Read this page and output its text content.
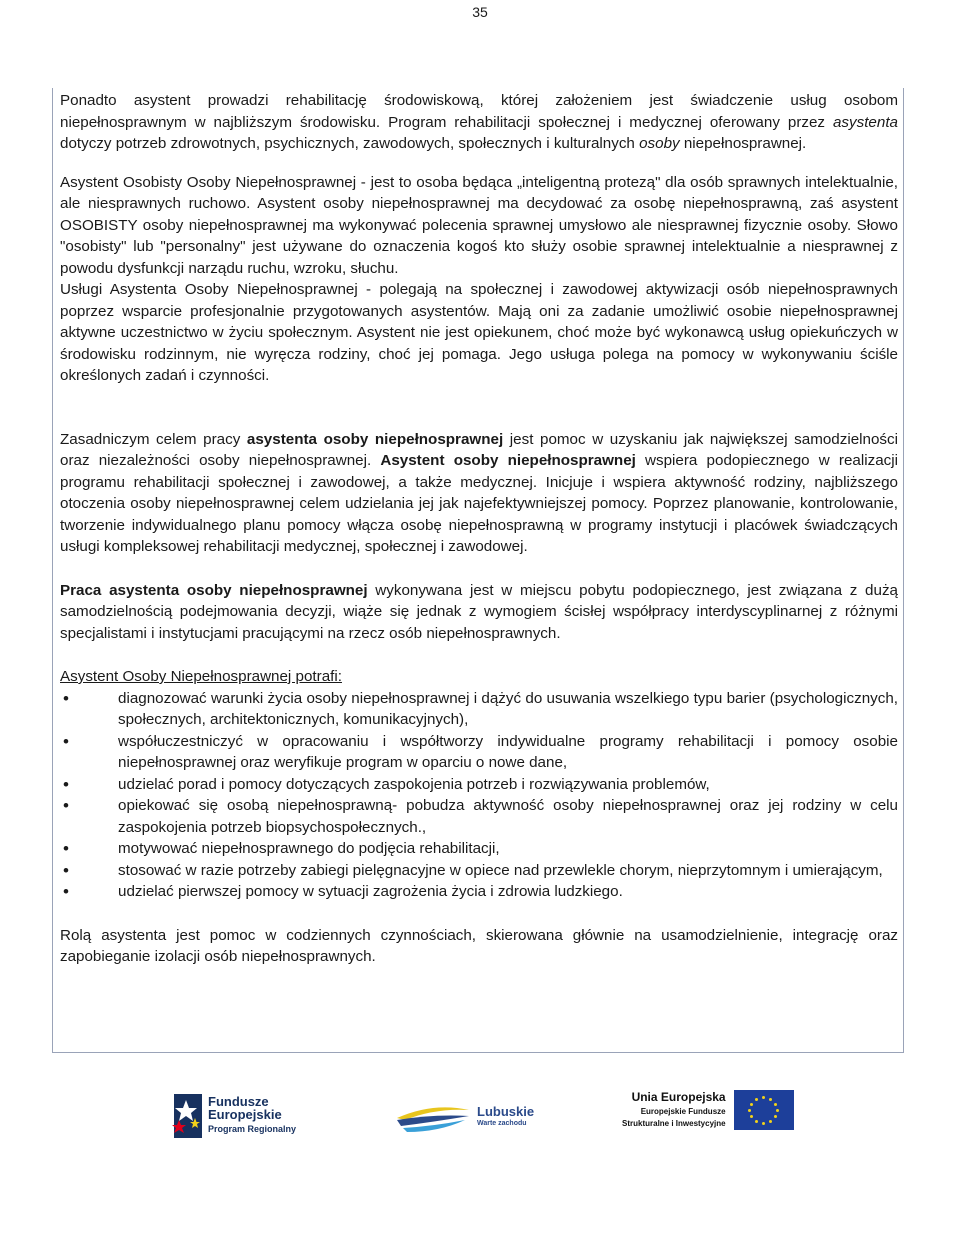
35

Ponadto asystent prowadzi rehabilitację środowiskową, której założeniem jest świadczenie usług osobom niepełnosprawnym w najbliższym środowisku. Program rehabilitacji społecznej i medycznej oferowany przez asystenta dotyczy potrzeb zdrowotnych, psychicznych, zawodowych, społecznych i kulturalnych osoby niepełnosprawnej.

Asystent Osobisty Osoby Niepełnosprawnej - jest to osoba będąca „inteligentną protezą" dla osób sprawnych intelektualnie, ale niesprawnych ruchowo. Asystent osoby niepełnosprawnej ma decydować za osobę niepełnosprawną, zaś asystent OSOBISTY osoby niepełnosprawnej ma wykonywać polecenia sprawnej umysłowo ale niesprawnej fizycznie osoby. Słowo "osobisty" lub "personalny" jest używane do oznaczenia kogoś kto służy osobie sprawnej intelektualnie a niesprawnej z powodu dysfunkcji narządu ruchu, wzroku, słuchu.

Usługi Asystenta Osoby Niepełnosprawnej - polegają na społecznej i zawodowej aktywizacji osób niepełnosprawnych poprzez wsparcie profesjonalnie przygotowanych asystentów. Mają oni za zadanie umożliwić osobie niepełnosprawnej aktywne uczestnictwo w życiu społecznym. Asystent nie jest opiekunem, choć może być wykonawcą usług opiekuńczych w środowisku rodzinnym, nie wyręcza rodziny, choć jej pomaga. Jego usługa polega na pomocy w wykonywaniu ściśle określonych zadań i czynności.

Zasadniczym celem pracy asystenta osoby niepełnosprawnej jest pomoc w uzyskaniu jak największej samodzielności oraz niezależności osoby niepełnosprawnej. Asystent osoby niepełnosprawnej wspiera podopiecznego w realizacji programu rehabilitacji społecznej i zawodowej, a także medycznej. Inicjuje i wspiera aktywność rodziny, najbliższego otoczenia osoby niepełnosprawnej celem udzielania jej jak najefektywniejszej pomocy. Poprzez planowanie, kontrolowanie, tworzenie indywidualnego planu pomocy włącza osobę niepełnosprawną w programy instytucji i placówek świadczących usługi kompleksowej rehabilitacji medycznej, społecznej i zawodowej.

Praca asystenta osoby niepełnosprawnej wykonywana jest w miejscu pobytu podopiecznego, jest związana z dużą samodzielnością podejmowania decyzji, wiąże się jednak z wymogiem ścisłej współpracy interdyscyplinarnej z różnymi specjalistami i instytucjami pracującymi na rzecz osób niepełnosprawnych.

Asystent Osoby Niepełnosprawnej potrafi:

• diagnozować warunki życia osoby niepełnosprawnej i dążyć do usuwania wszelkiego typu barier (psychologicznych, społecznych, architektonicznych, komunikacyjnych),
• współuczestniczyć w opracowaniu i współtworzy indywidualne programy rehabilitacji i pomocy osobie niepełnosprawnej oraz weryfikuje program w oparciu o nowe dane,
• udzielać porad i pomocy dotyczących zaspokojenia potrzeb i rozwiązywania problemów,
• opiekować się osobą niepełnosprawną- pobudza aktywność osoby niepełnosprawnej oraz jej rodziny w celu zaspokojenia potrzeb biopsychospołecznych.,
• motywować niepełnosprawnego do podjęcia rehabilitacji,
• stosować w razie potrzeby zabiegi pielęgnacyjne w opiece nad przewlekle chorym, nieprzytomnym i umierającym,
• udzielać pierwszej pomocy w sytuacji zagrożenia życia i zdrowia ludzkiego.

Rolą asystenta jest pomoc w codziennych czynnościach, skierowana głównie na usamodzielnienie, integrację oraz zapobieganie izolacji osób niepełnosprawnych.

Fundusze
Europejskie
Program Regionalny
Lubuskie
Warte zachodu
Unia Europejska
Europejskie Fundusze
Strukturalne i Inwestycyjne
